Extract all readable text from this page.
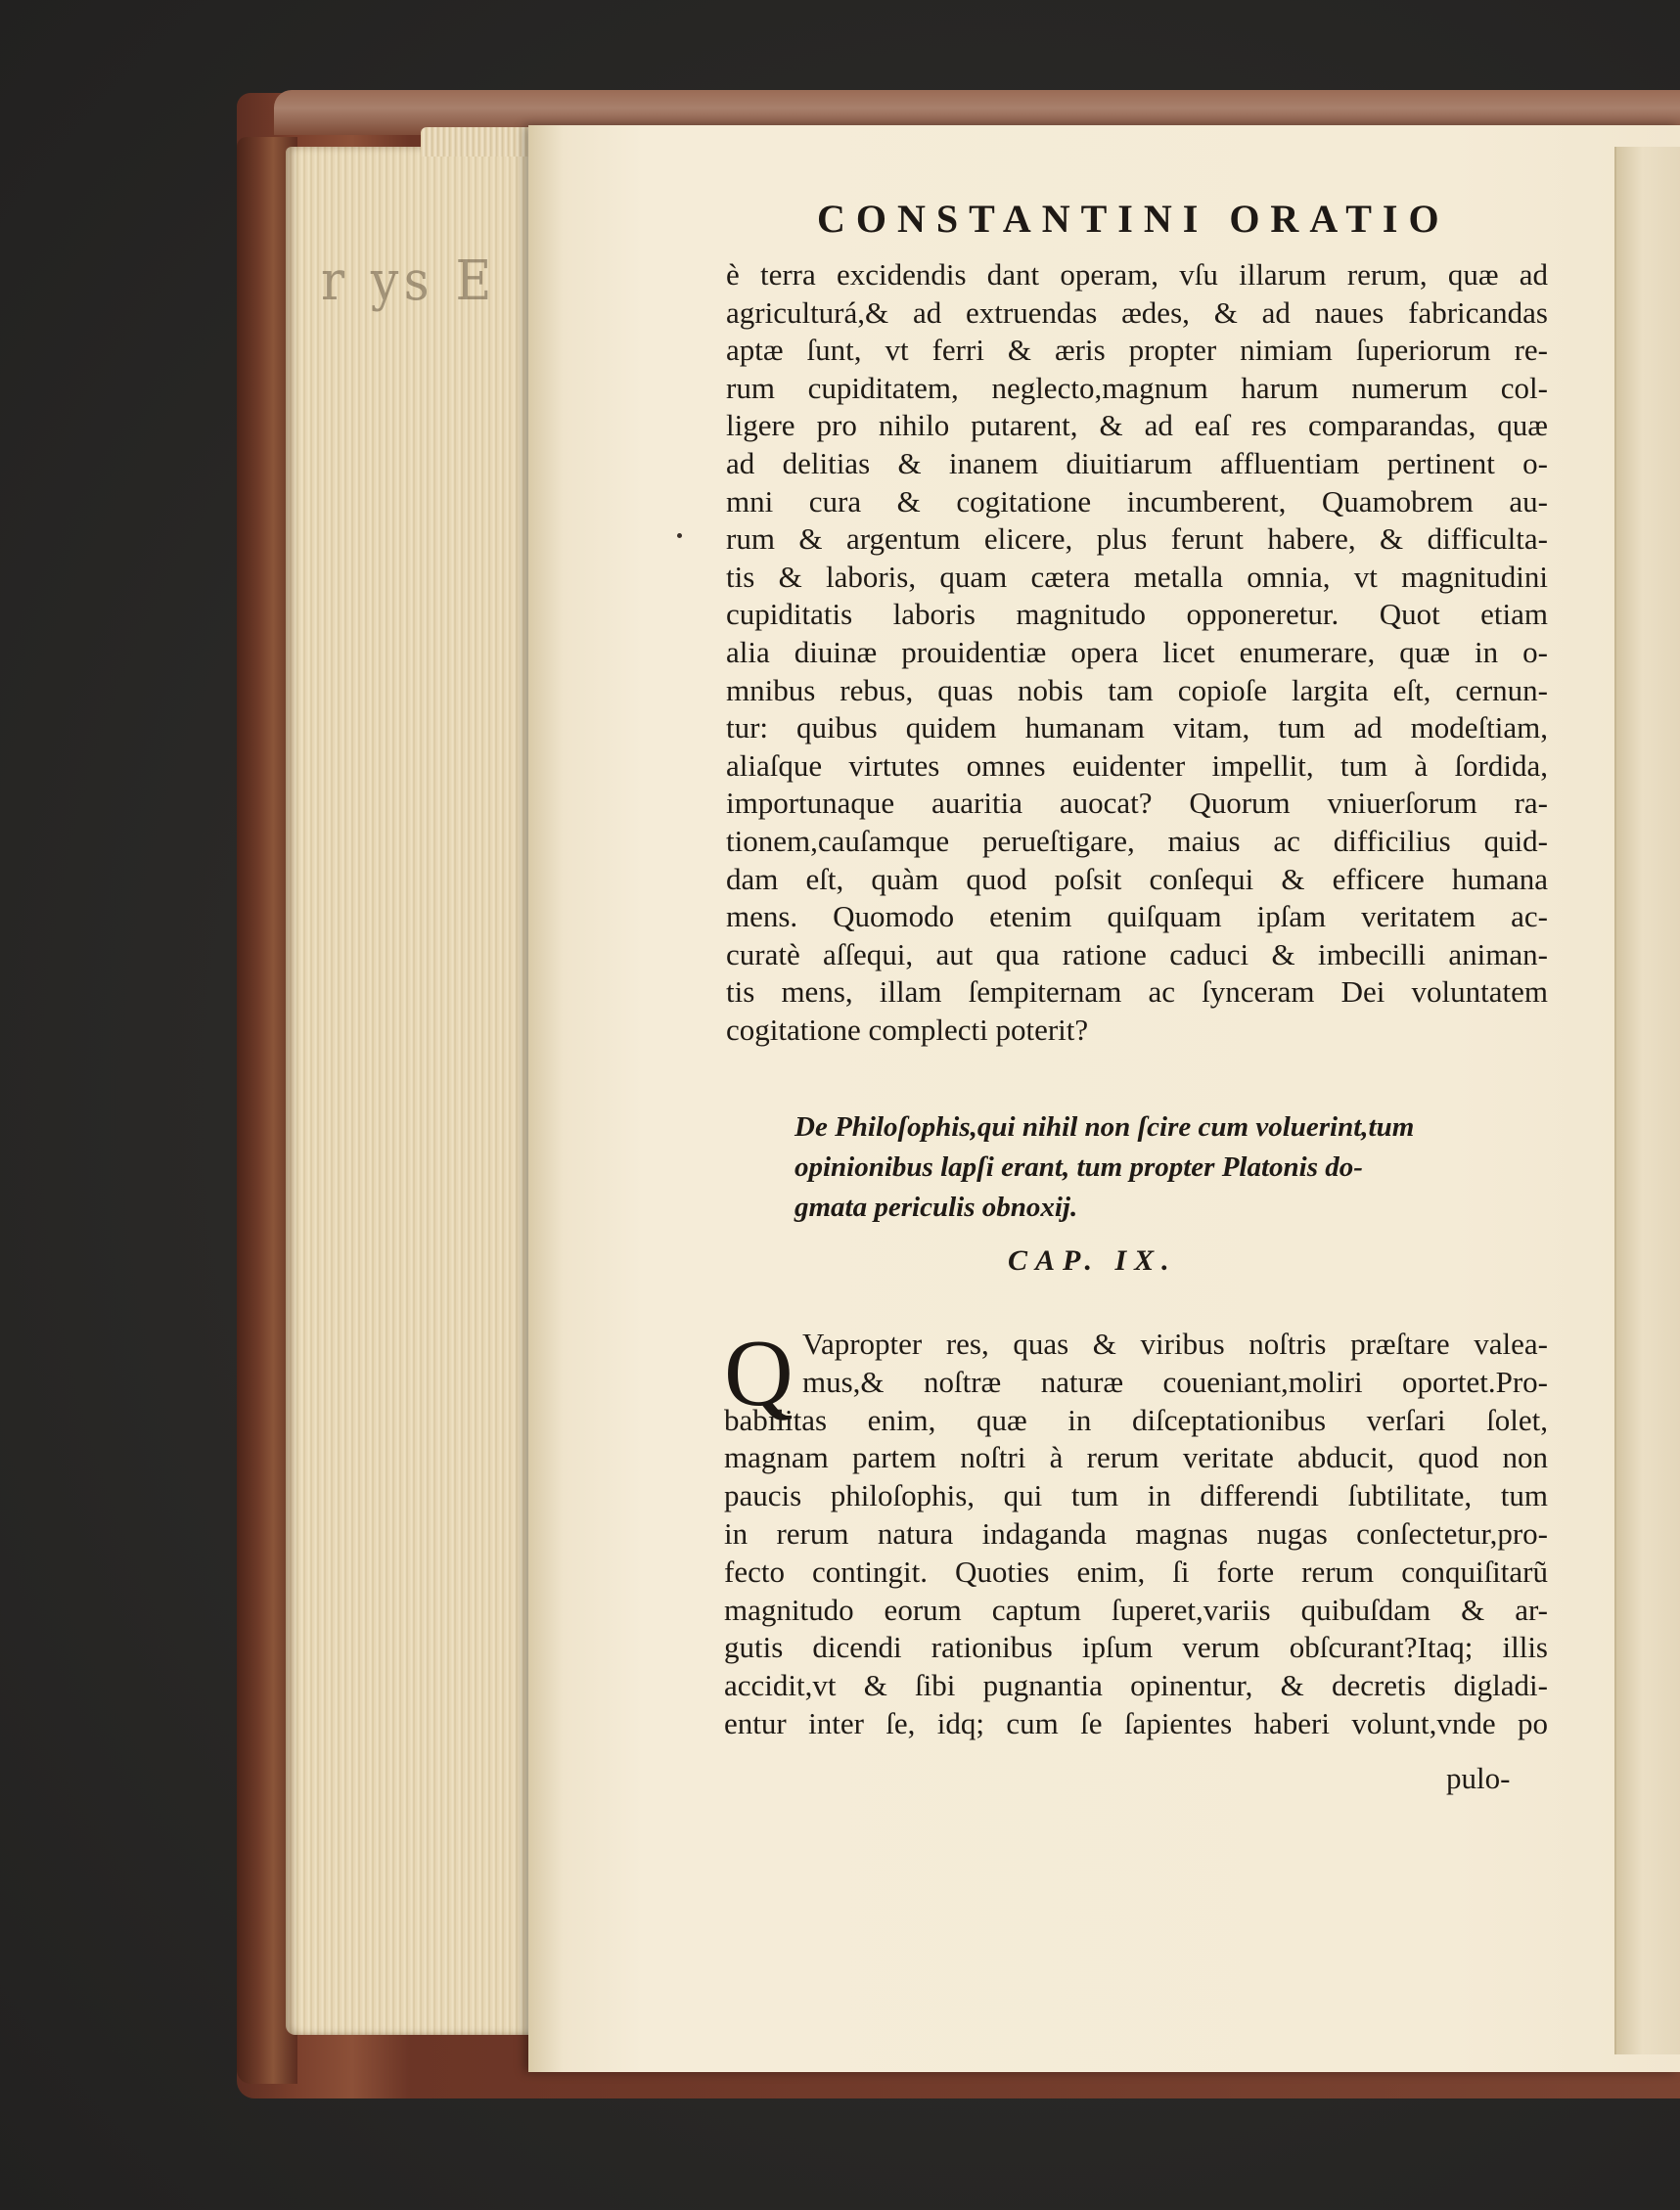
r ys E
CONSTANTINI ORATIO
è terra excidendis dant operam, vſu illarum rerum, quæ ad
agriculturá,& ad extruendas ædes, & ad naues fabricandas
aptæ ſunt, vt ferri & æris propter nimiam ſuperiorum re-
rum cupiditatem, neglecto,magnum harum numerum col-
ligere pro nihilo putarent, & ad eaſ res comparandas, quæ
ad delitias & inanem diuitiarum affluentiam pertinent o-
mni cura & cogitatione incumberent, Quamobrem au-
rum & argentum elicere, plus ferunt habere, & difficulta-
tis & laboris, quam cætera metalla omnia, vt magnitudini
cupiditatis laboris magnitudo opponeretur. Quot etiam
alia diuinæ prouidentiæ opera licet enumerare, quæ in o-
mnibus rebus, quas nobis tam copioſe largita eſt, cernun-
tur: quibus quidem humanam vitam, tum ad modeſtiam,
aliaſque virtutes omnes euidenter impellit, tum à ſordida,
importunaque auaritia auocat? Quorum vniuerſorum ra-
tionem,cauſamque perueſtigare, maius ac difficilius quid-
dam eſt, quàm quod poſsit conſequi & efficere humana
mens. Quomodo etenim quiſquam ipſam veritatem ac-
curatè aſſequi, aut qua ratione caduci & imbecilli animan-
tis mens, illam ſempiternam ac ſynceram Dei voluntatem
cogitatione complecti poterit?
De Philoſophis,qui nihil non ſcire cum voluerint,tum
opinionibus lapſi erant, tum propter Platonis do-
gmata periculis obnoxij.
CAP. IX.
Q Vapropter res, quas & viribus noſtris præſtare valea-
mus,& noſtræ naturæ coueniant,moliri oportet.Pro-
babilitas enim, quæ in diſceptationibus verſari ſolet,
magnam partem noſtri à rerum veritate abducit, quod non
paucis philoſophis, qui tum in differendi ſubtilitate, tum
in rerum natura indaganda magnas nugas conſectetur,pro-
fecto contingit. Quoties enim, ſi forte rerum conquiſitarũ
magnitudo eorum captum ſuperet,variis quibuſdam & ar-
gutis dicendi rationibus ipſum verum obſcurant?Itaq; illis
accidit,vt & ſibi pugnantia opinentur, & decretis digladi-
entur inter ſe, idq; cum ſe ſapientes haberi volunt,vnde po
pulo-
